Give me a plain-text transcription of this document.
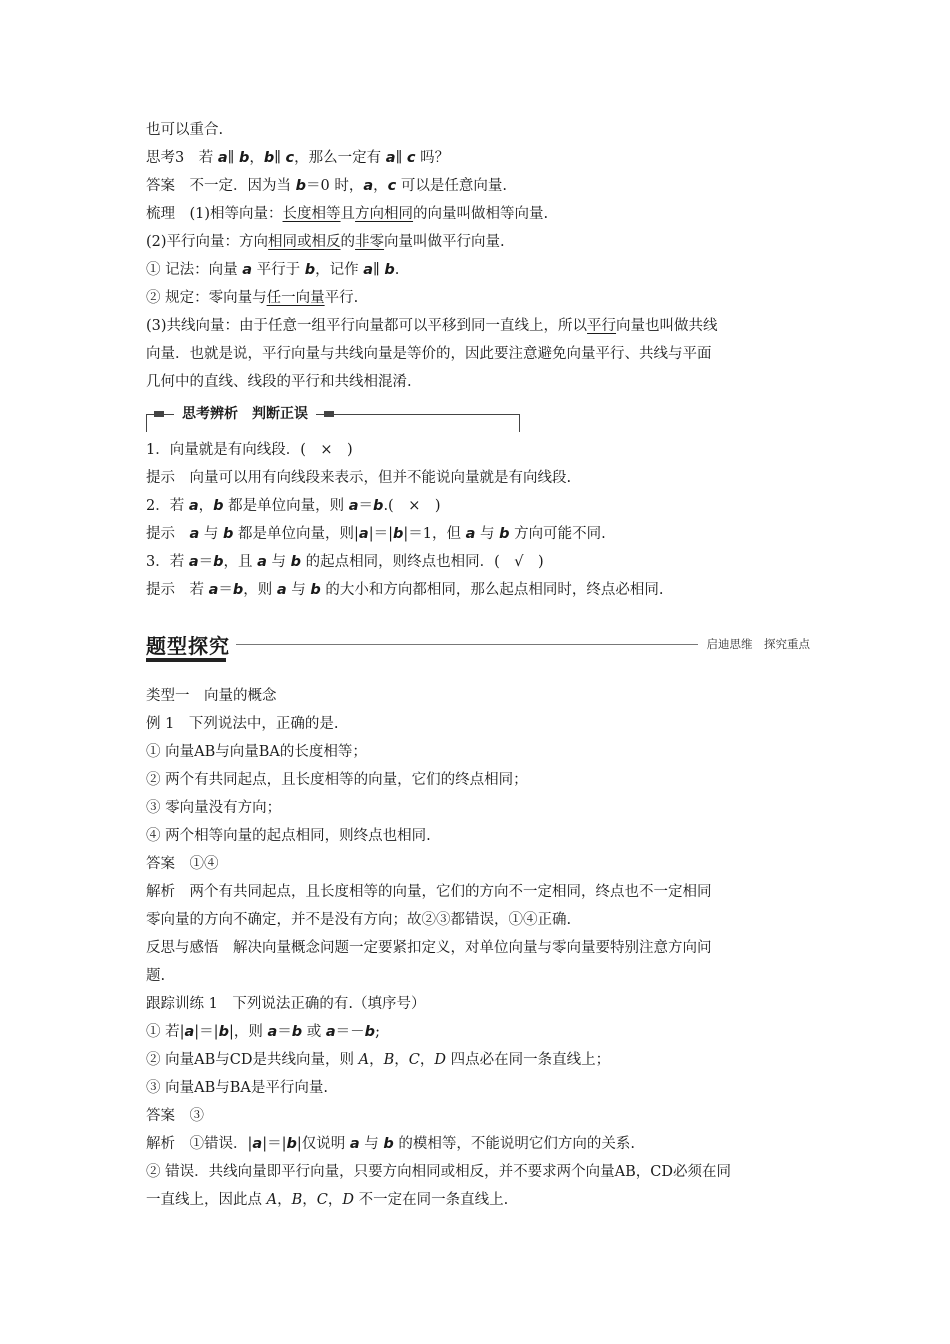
也可以重合.
思考3　若 a∥ b，b∥ c，那么一定有 a∥ c 吗？
答案　不一定．因为当 b＝0 时，a，c 可以是任意向量.
梳理　(1)相等向量：长度相等且方向相同的向量叫做相等向量.
(2)平行向量：方向相同或相反的非零向量叫做平行向量.
① 记法：向量 a 平行于 b，记作 a∥ b.
② 规定：零向量与任一向量平行.
(3)共线向量：由于任意一组平行向量都可以平移到同一直线上，所以平行向量也叫做共线
向量．也就是说，平行向量与共线向量是等价的，因此要注意避免向量平行、共线与平面
几何中的直线、线段的平行和共线相混淆.
思考辨析　判断正误
1．向量就是有向线段．(　×　)
提示　向量可以用有向线段来表示，但并不能说向量就是有向线段.
2．若 a，b 都是单位向量，则 a＝b.(　×　)
提示　a 与 b 都是单位向量，则|a|＝|b|＝1，但 a 与 b 方向可能不同.
3．若 a＝b，且 a 与 b 的起点相同，则终点也相同．(　√　)
提示　若 a＝b，则 a 与 b 的大小和方向都相同，那么起点相同时，终点必相同.
题型探究	启迪思维　探究重点
类型一　向量的概念
例 1　下列说法中，正确的是.
① 向量AB与向量BA的长度相等；
② 两个有共同起点，且长度相等的向量，它们的终点相同；
③ 零向量没有方向；
④ 两个相等向量的起点相同，则终点也相同.
答案　①④
解析　两个有共同起点，且长度相等的向量，它们的方向不一定相同，终点也不一定相同
零向量的方向不确定，并不是没有方向；故②③都错误，①④正确.
反思与感悟　解决向量概念问题一定要紧扣定义，对单位向量与零向量要特别注意方向问
题.
跟踪训练 1　下列说法正确的有.（填序号）
① 若|a|＝|b|，则 a＝b 或 a＝－b;
② 向量AB与CD是共线向量，则 A，B，C，D 四点必在同一条直线上；
③ 向量AB与BA是平行向量.
答案　③
解析　①错误．|a|＝|b|仅说明 a 与 b 的模相等，不能说明它们方向的关系.
② 错误．共线向量即平行向量，只要方向相同或相反，并不要求两个向量AB，CD必须在同
一直线上，因此点 A，B，C，D 不一定在同一条直线上.
